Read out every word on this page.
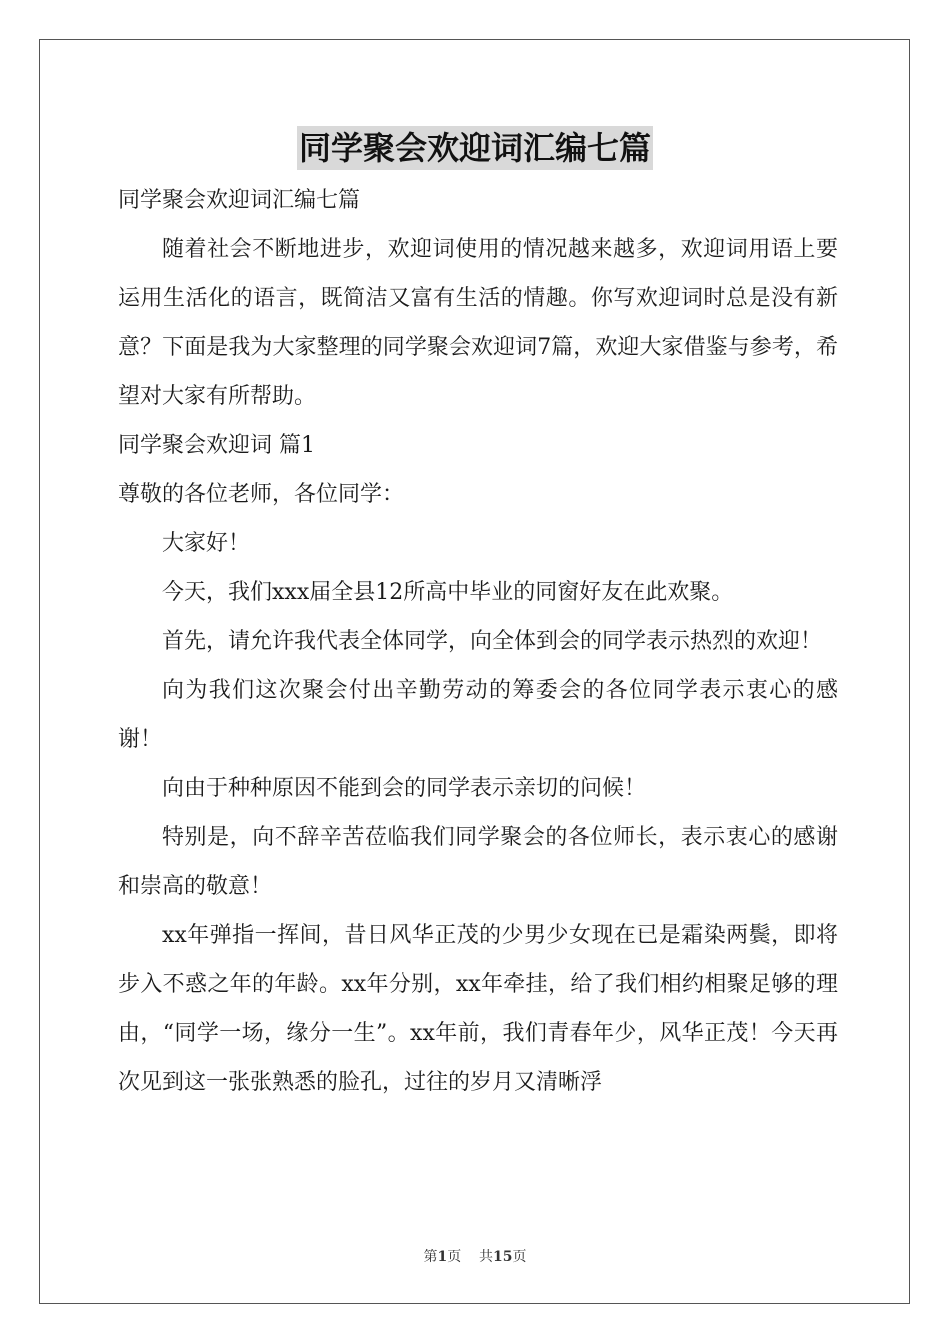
同学聚会欢迎词汇编七篇

同学聚会欢迎词汇编七篇

随着社会不断地进步，欢迎词使用的情况越来越多，欢迎词用语上要运用生活化的语言，既简洁又富有生活的情趣。你写欢迎词时总是没有新意？下面是我为大家整理的同学聚会欢迎词7篇，欢迎大家借鉴与参考，希望对大家有所帮助。

同学聚会欢迎词 篇1

尊敬的各位老师，各位同学：

大家好！

今天，我们xxx届全县12所高中毕业的同窗好友在此欢聚。

首先，请允许我代表全体同学，向全体到会的同学表示热烈的欢迎！

向为我们这次聚会付出辛勤劳动的筹委会的各位同学表示衷心的感谢！

向由于种种原因不能到会的同学表示亲切的问候！

特别是，向不辞辛苦莅临我们同学聚会的各位师长，表示衷心的感谢和崇高的敬意！

xx年弹指一挥间，昔日风华正茂的少男少女现在已是霜染两鬓，即将步入不惑之年的年龄。xx年分别，xx年牵挂，给了我们相约相聚足够的理由，“同学一场，缘分一生”。xx年前，我们青春年少，风华正茂！今天再次见到这一张张熟悉的脸孔，过往的岁月又清晰浮

第1页 共15页
